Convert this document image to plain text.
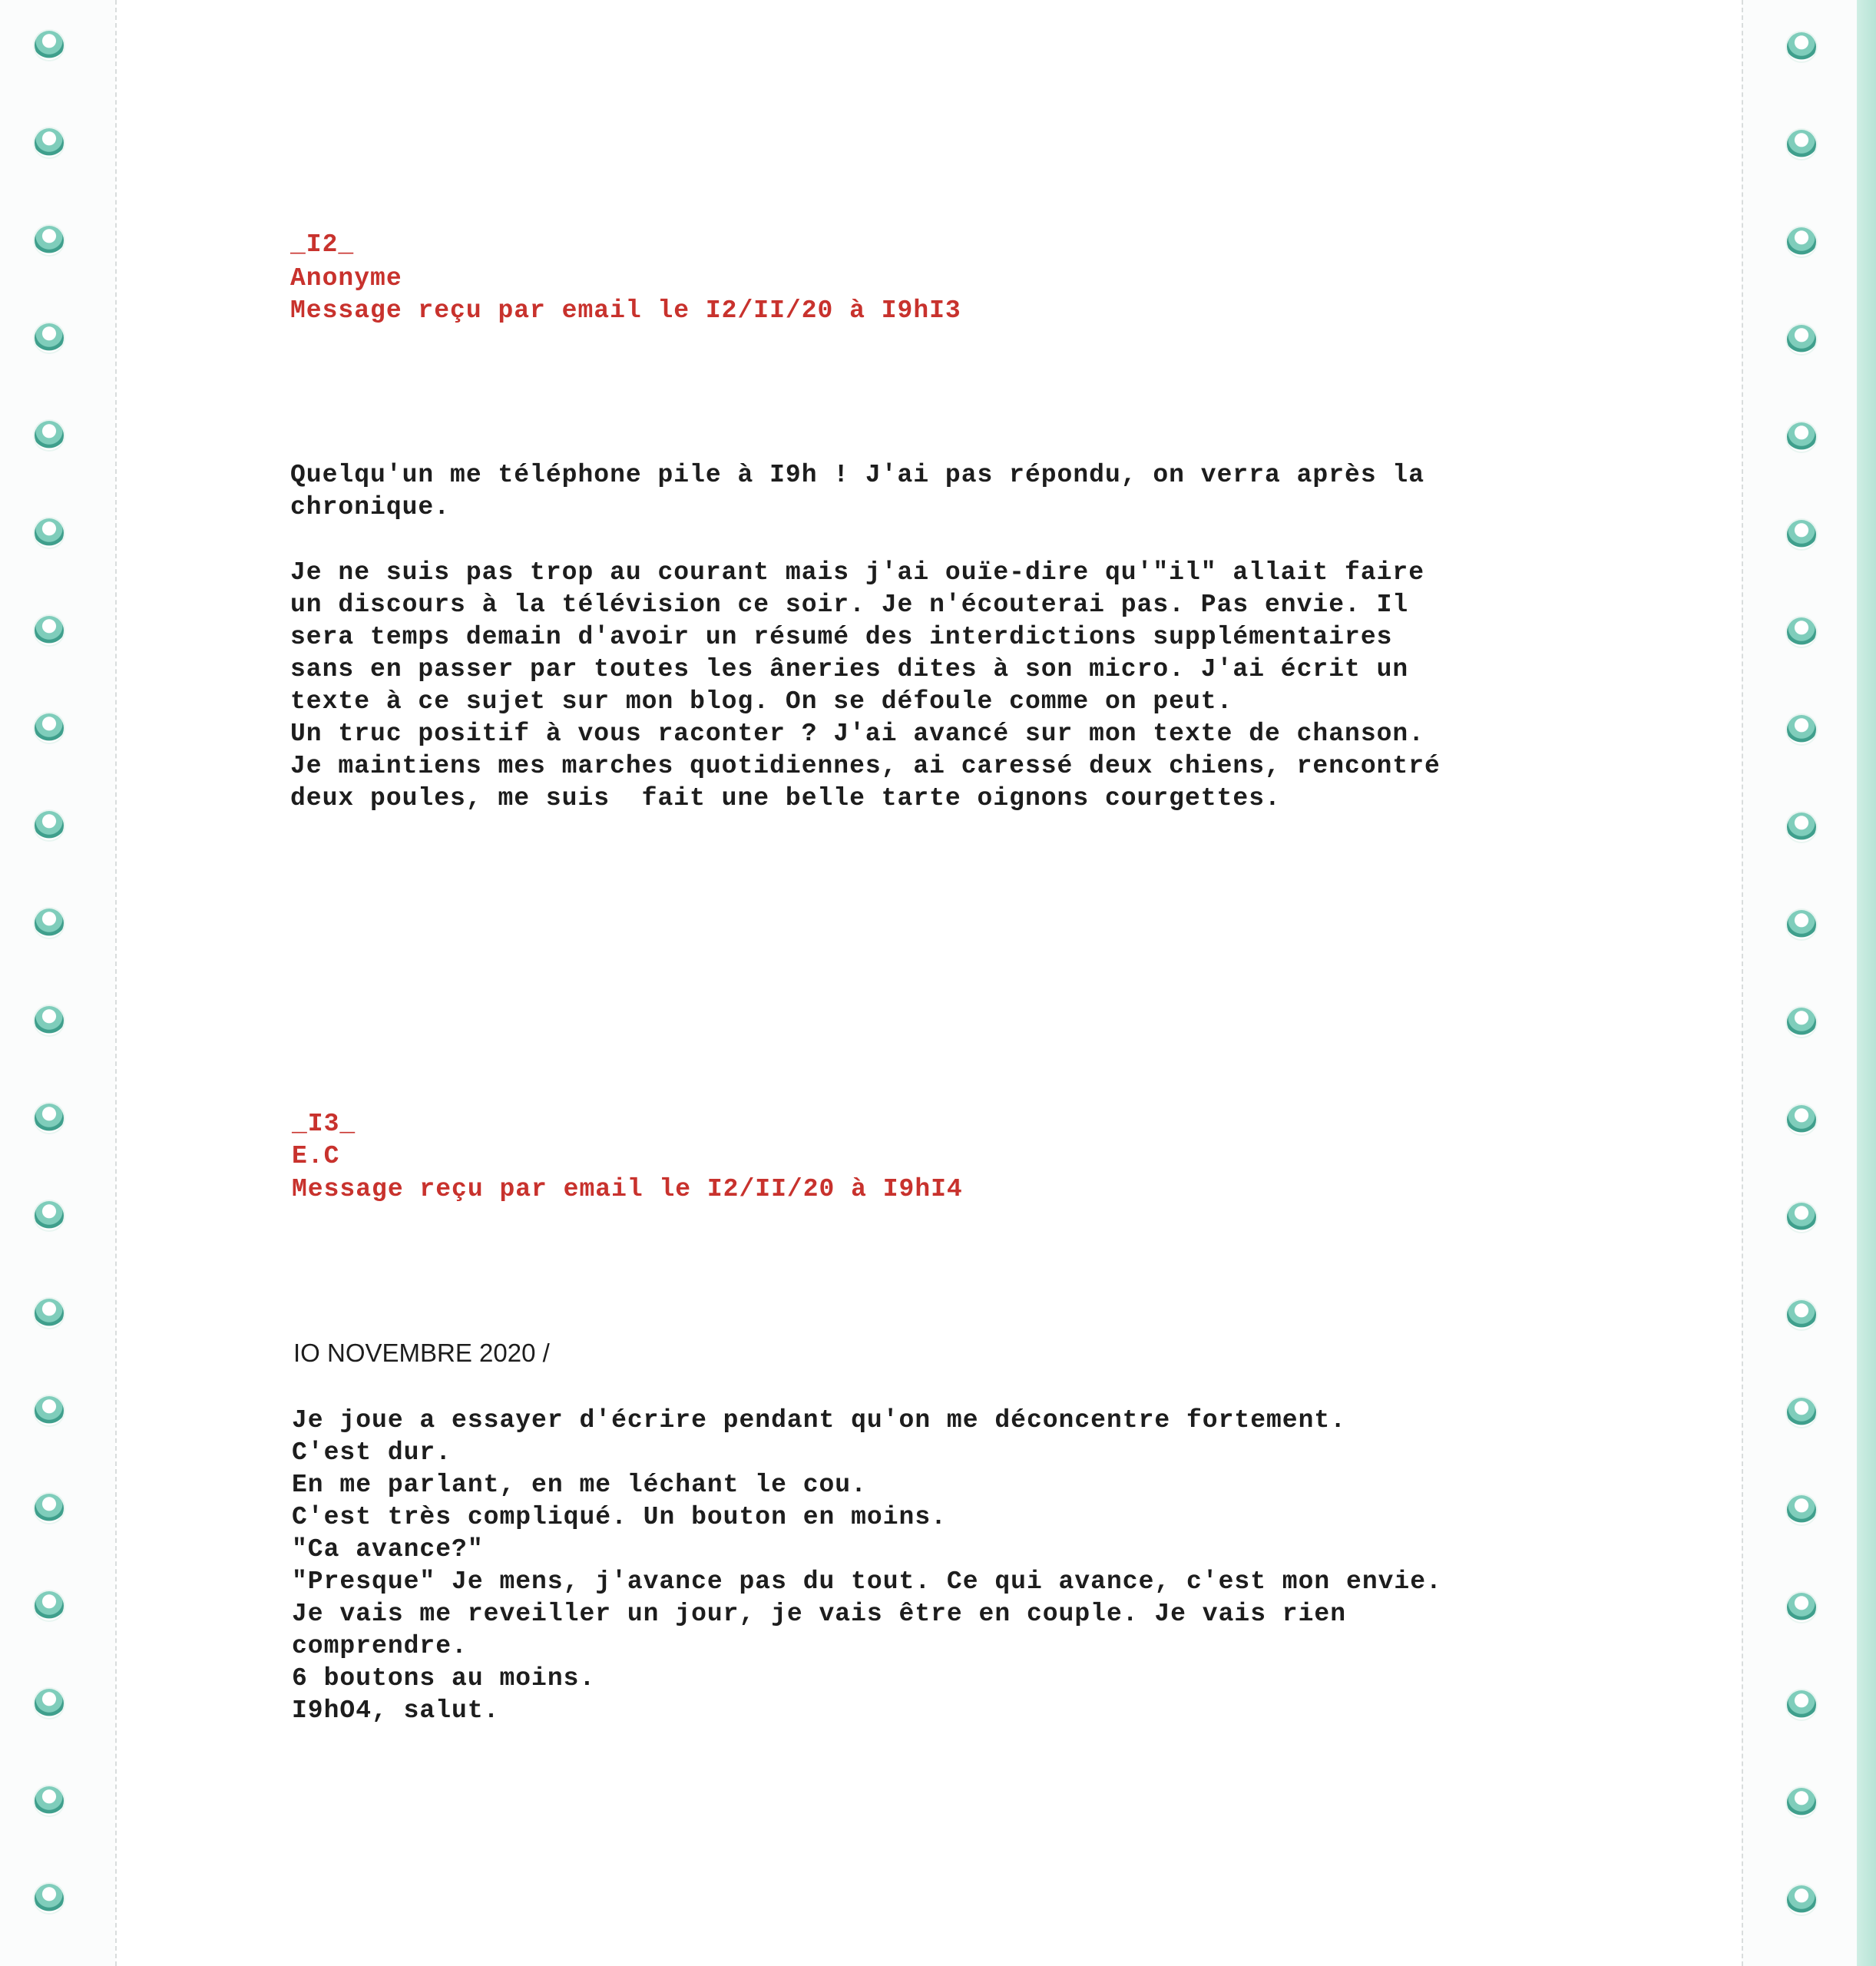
_I2_
Anonyme
Message reçu par email le I2/II/20 à I9hI3
Quelqu'un me téléphone pile à I9h ! J'ai pas répondu, on verra après la
chronique.
Je ne suis pas trop au courant mais j'ai ouïe-dire qu'"il" allait faire
un discours à la télévision ce soir. Je n'écouterai pas. Pas envie. Il
sera temps demain d'avoir un résumé des interdictions supplémentaires
sans en passer par toutes les âneries dites à son micro. J'ai écrit un
texte à ce sujet sur mon blog. On se défoule comme on peut.
Un truc positif à vous raconter ? J'ai avancé sur mon texte de chanson.
Je maintiens mes marches quotidiennes, ai caressé deux chiens, rencontré
deux poules, me suis  fait une belle tarte oignons courgettes.
_I3_
E.C
Message reçu par email le I2/II/20 à I9hI4
IO NOVEMBRE 2020 /
Je joue a essayer d'écrire pendant qu'on me déconcentre fortement.
C'est dur.
En me parlant, en me léchant le cou.
C'est très compliqué. Un bouton en moins.
"Ca avance?"
"Presque" Je mens, j'avance pas du tout. Ce qui avance, c'est mon envie.
Je vais me reveiller un jour, je vais être en couple. Je vais rien
comprendre.
6 boutons au moins.
I9hO4, salut.
